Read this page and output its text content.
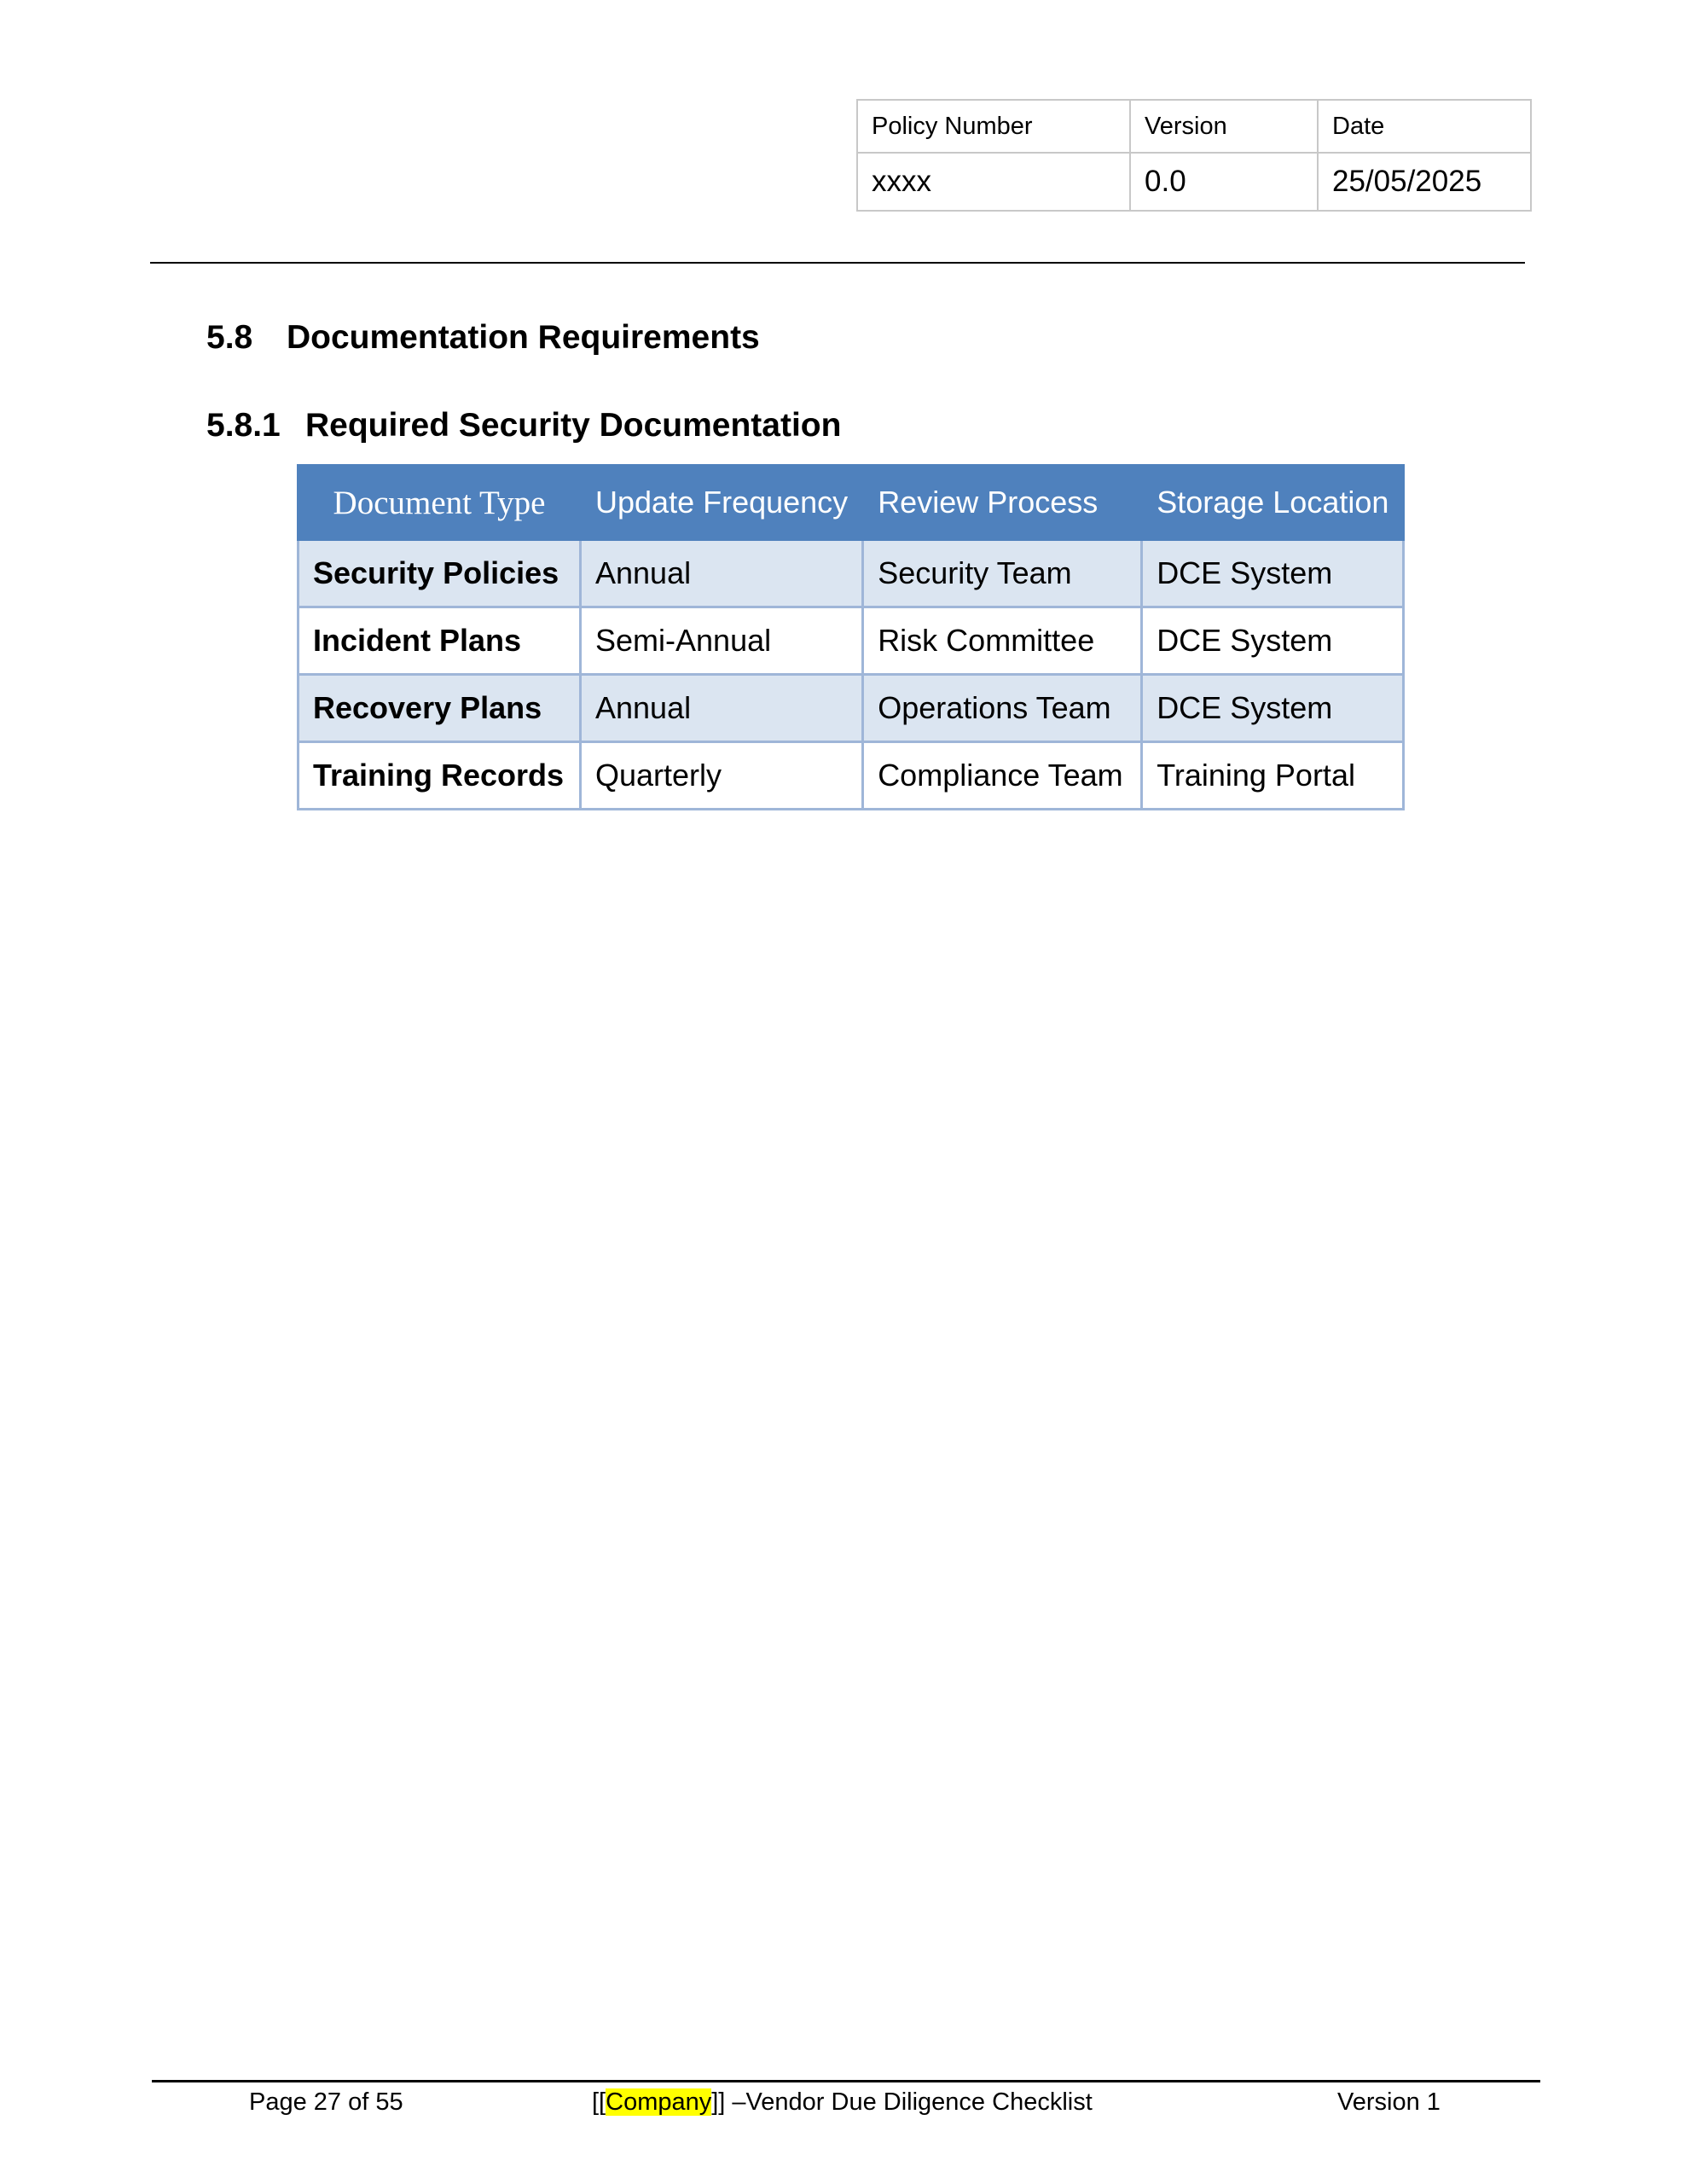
Policy Number	Version	Date
xxxx	0.0	25/05/2025
5.8 Documentation Requirements
5.8.1 Required Security Documentation
Document Type	Update Frequency	Review Process	Storage Location
Security Policies	Annual	Security Team	DCE System
Incident Plans	Semi-Annual	Risk Committee	DCE System
Recovery Plans	Annual	Operations Team	DCE System
Training Records	Quarterly	Compliance Team	Training Portal
Page 27 of 55	[[Company]] –Vendor Due Diligence Checklist	Version 1
